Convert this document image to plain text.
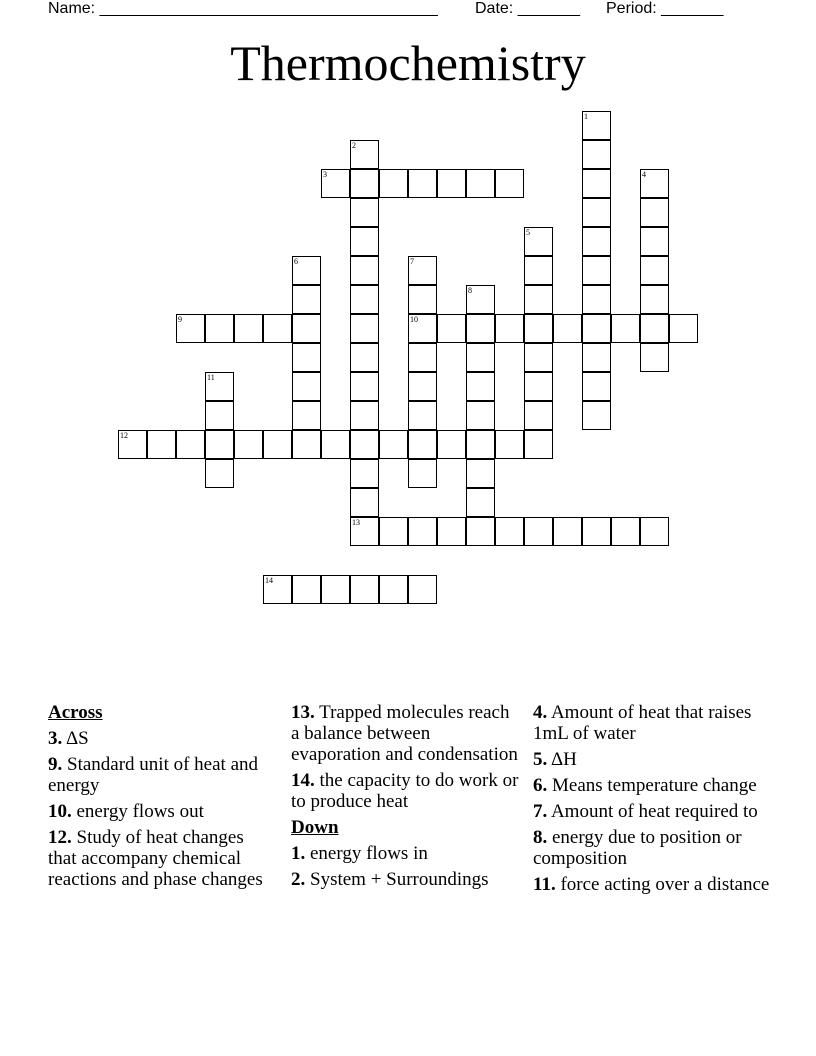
Name: ______________________________________ Date: _______ Period: _______
Thermochemistry
1
2
3	4
5
6	7
8
9	10
11
12
13
14
Across
3. ΔS
9. Standard unit of heat and energy
10. energy flows out
12. Study of heat changes that accompany chemical reactions and phase changes
13. Trapped molecules reach a balance between evaporation and condensation
14. the capacity to do work or to produce heat
Down
1. energy flows in
2. System + Surroundings
4. Amount of heat that raises 1mL of water
5. ΔH
6. Means temperature change
7. Amount of heat required to
8. energy due to position or composition
11. force acting over a distance
